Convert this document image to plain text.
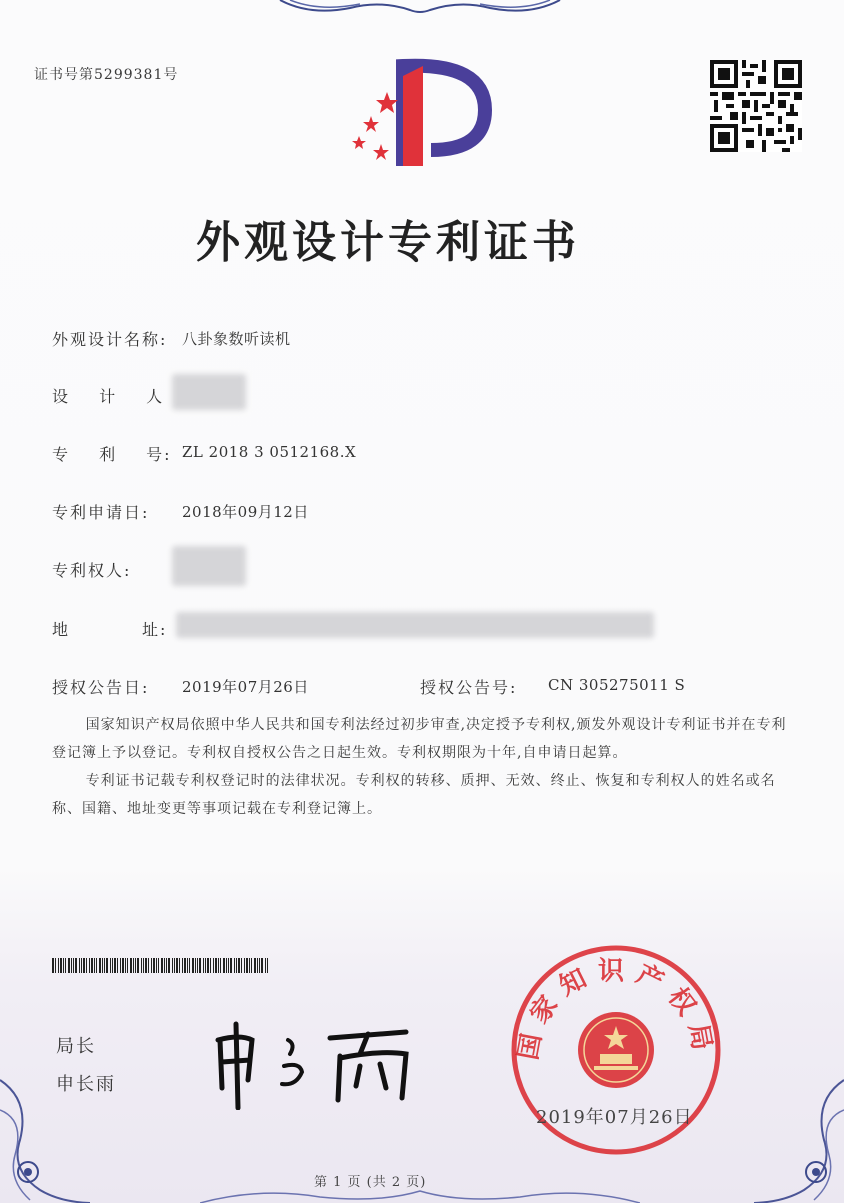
证书号第5299381号
外观设计专利证书
外观设计名称: 八卦象数听读机
设 计 人
专 利 号: ZL 2018 3 0512168.X
专利申请日: 2018年09月12日
专利权人:
地	址:
授权公告日: 2019年07月26日	授权公告号: CN 305275011 S

国家知识产权局依照中华人民共和国专利法经过初步审查,决定授予专利权,颁发外观设计专利证书并在专利登记簿上予以登记。专利权自授权公告之日起生效。专利权期限为十年,自申请日起算。

专利证书记载专利权登记时的法律状况。专利权的转移、质押、无效、终止、恢复和专利权人的姓名或名称、国籍、地址变更等事项记载在专利登记簿上。

局长
申长雨
国家知识产权局
2019年07月26日
第 1 页 (共 2 页)
